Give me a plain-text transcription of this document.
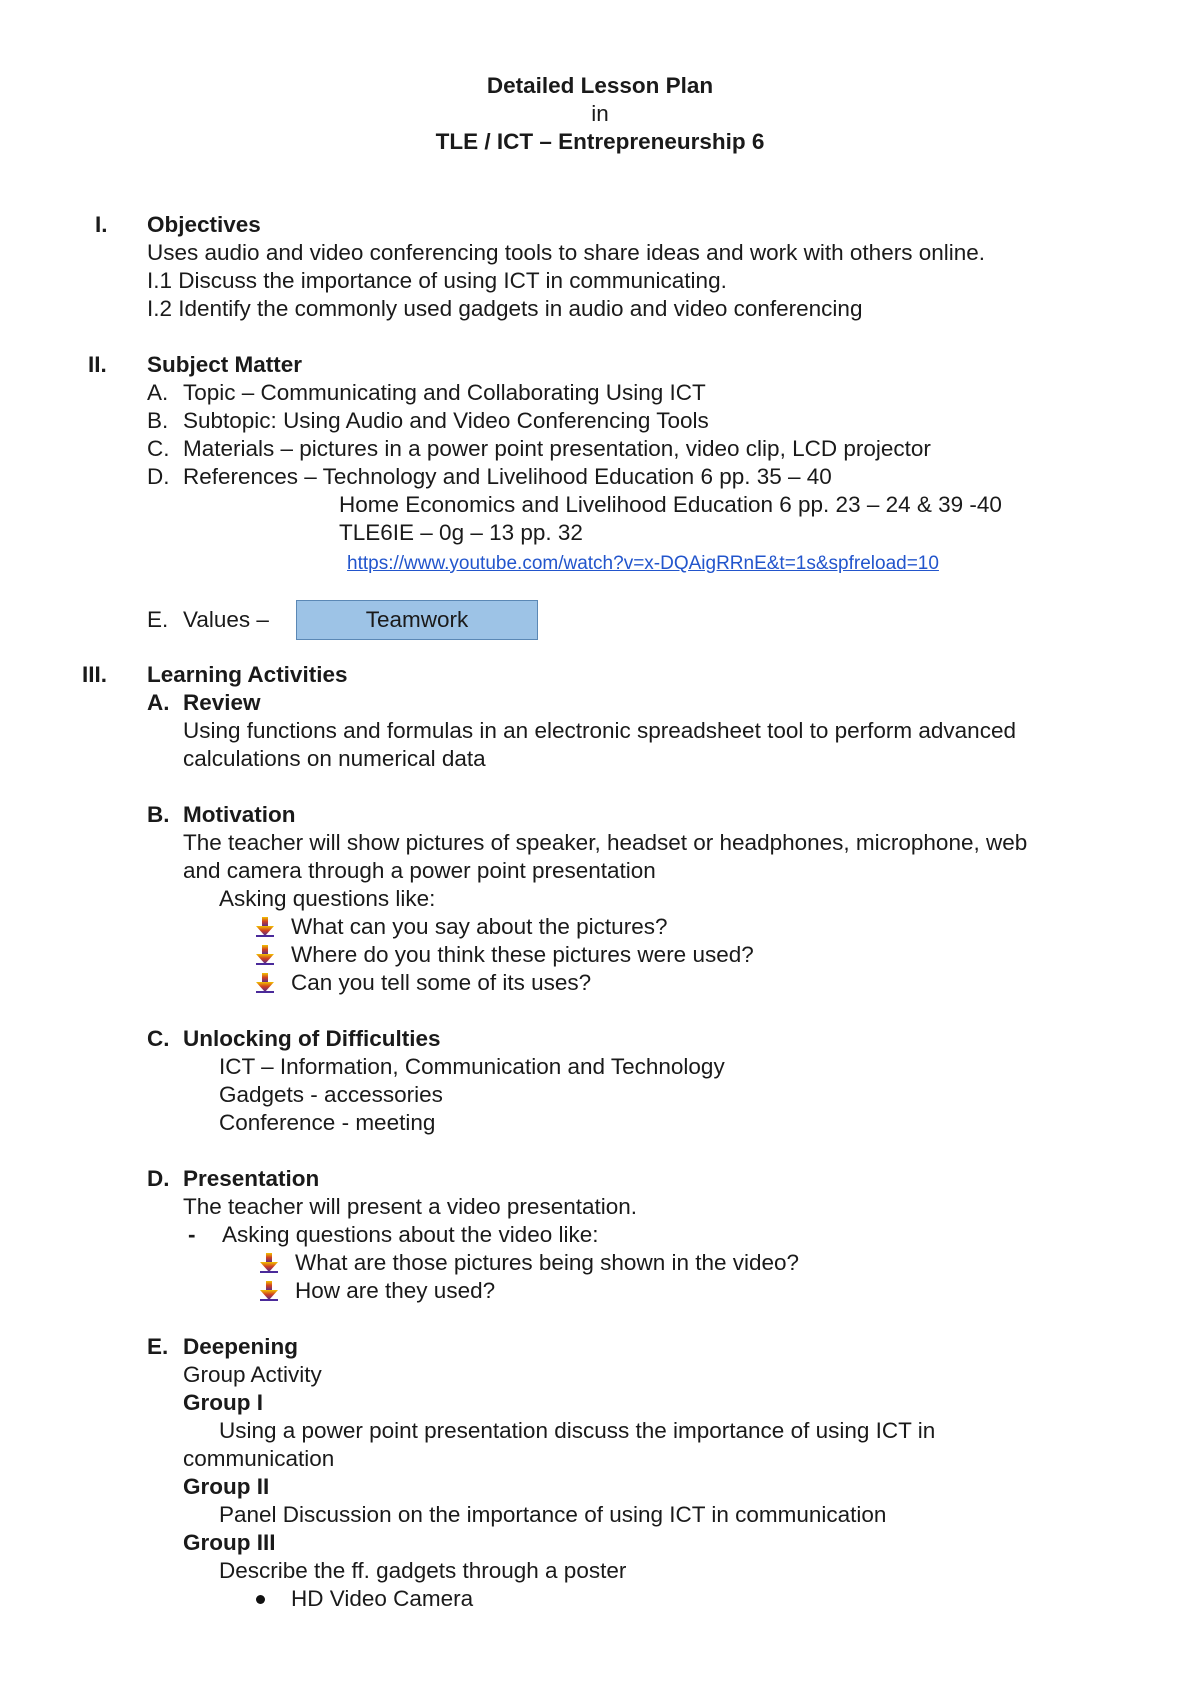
Detailed Lesson Plan
in
TLE / ICT – Entrepreneurship 6
I. Objectives
Uses audio and video conferencing tools to share ideas and work with others online.
I.1 Discuss the importance of using ICT in communicating.
I.2 Identify the commonly used gadgets in audio and video conferencing
II. Subject Matter
A. Topic – Communicating and Collaborating Using ICT
B. Subtopic: Using Audio and Video Conferencing Tools
C. Materials – pictures in a power point presentation, video clip, LCD projector
D. References – Technology and Livelihood Education 6 pp. 35 – 40
Home Economics and Livelihood Education 6 pp. 23 – 24 & 39 -40
TLE6IE – 0g – 13 pp. 32
https://www.youtube.com/watch?v=x-DQAigRRnE&t=1s&spfreload=10
E. Values –	Teamwork
III. Learning Activities
A. Review
Using functions and formulas in an electronic spreadsheet tool to perform advanced
calculations on numerical data
B. Motivation
The teacher will show pictures of speaker, headset or headphones, microphone, web
and camera through a power point presentation
Asking questions like:
What can you say about the pictures?
Where do you think these pictures were used?
Can you tell some of its uses?
C. Unlocking of Difficulties
ICT – Information, Communication and Technology
Gadgets - accessories
Conference - meeting
D. Presentation
The teacher will present a video presentation.
- Asking questions about the video like:
What are those pictures being shown in the video?
How are they used?
E. Deepening
Group Activity
Group I
Using a power point presentation discuss the importance of using ICT in
communication
Group II
Panel Discussion on the importance of using ICT in communication
Group III
Describe the ff. gadgets through a poster
HD Video Camera
